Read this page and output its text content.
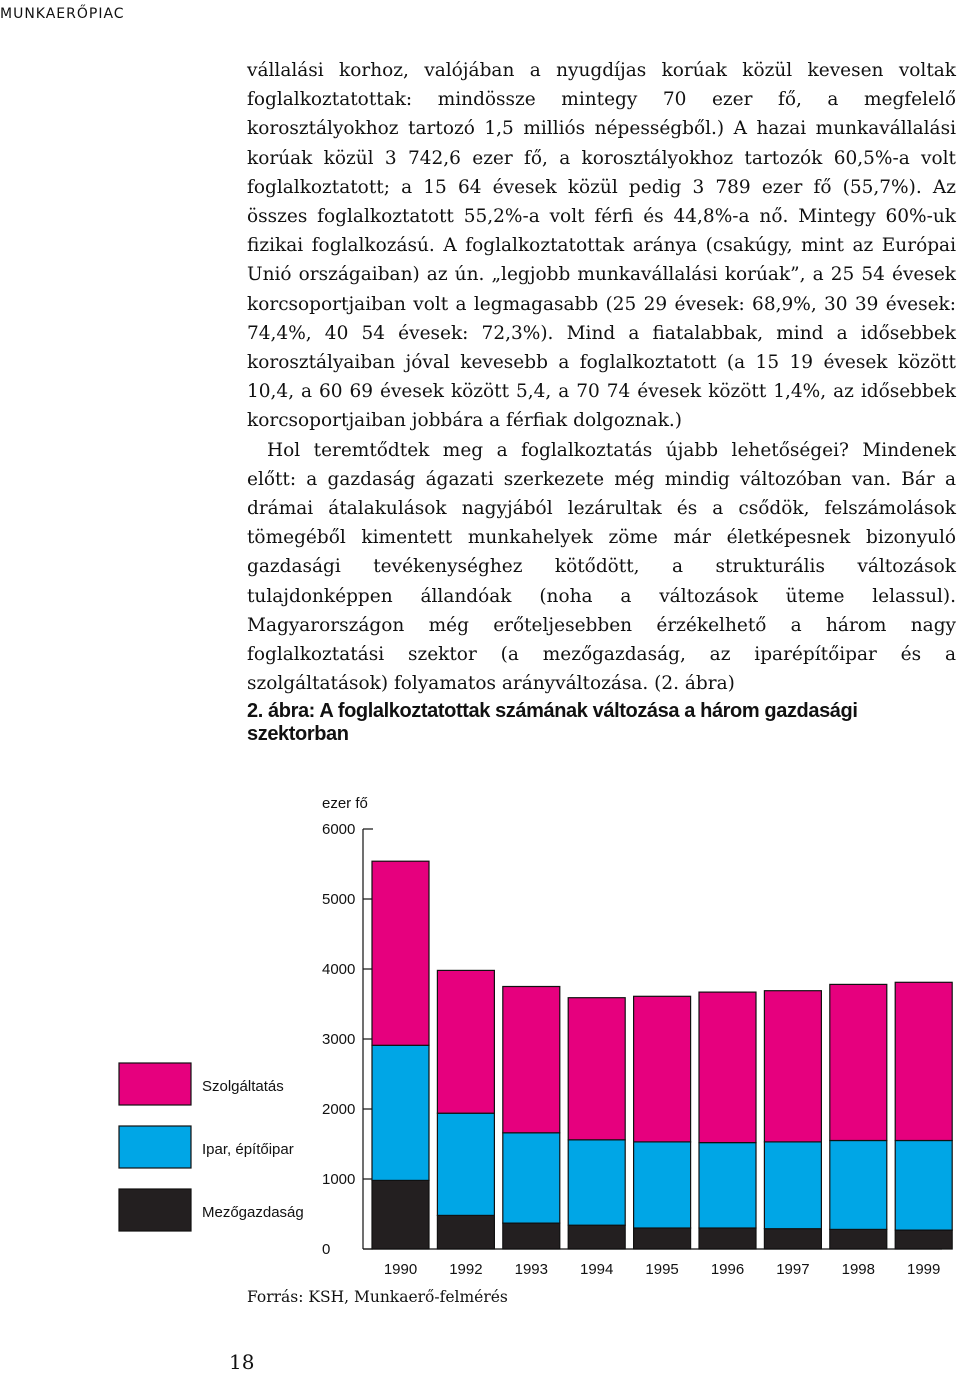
MUNKAERŐPIAC

vállalási korhoz, valójában a nyugdíjas korúak közül kevesen voltak foglalkoztatottak: mindössze mintegy 70 ezer fő, a megfelelő korosztályokhoz tartozó 1,5 milliós népességből.) A hazai munkavállalási korúak közül 3 742,6 ezer fő, a korosztályokhoz tartozók 60,5%-a volt foglalkoztatott; a 15 64 évesek közül pedig 3 789 ezer fő (55,7%). Az összes foglalkoztatott 55,2%-a volt férfi és 44,8%-a nő. Mintegy 60%-uk fizikai foglalkozású. A foglalkoztatottak aránya (csakúgy, mint az Európai Unió országaiban) az ún. „legjobb munkavállalási korúak”, a 25 54 évesek korcsoportjaiban volt a legmagasabb (25 29 évesek: 68,9%, 30 39 évesek: 74,4%, 40 54 évesek: 72,3%). Mind a fiatalabbak, mind a idősebbek korosztályaiban jóval kevesebb a foglalkoztatott (a 15 19 évesek között 10,4, a 60 69 évesek között 5,4, a 70 74 évesek között 1,4%, az idősebbek korcsoportjaiban jobbára a férfiak dolgoznak.)

Hol teremtődtek meg a foglalkoztatás újabb lehetőségei? Mindenek előtt: a gazdaság ágazati szerkezete még mindig változóban van. Bár a drámai átalakulások nagyjából lezárultak és a csődök, felszámolások tömegéből kimentett munkahelyek zöme már életképesnek bizonyuló gazdasági tevékenységhez kötődött, a strukturális változások tulajdonképpen állandóak (noha a változások üteme lelassul). Magyarországon még erőteljesebben érzékelhető a három nagy foglalkoztatási szektor (a mezőgazdaság, az iparépítőipar és a szolgáltatások) folyamatos arányváltozása. (2. ábra)

2. ábra: A foglalkoztatottak számának változása a három gazdasági szektorban
ezer fő
0
1000
2000
3000
4000
5000
6000
1990 1992 1993 1994 1995 1996 1997 1998 1999
Szolgáltatás
Ipar, építőipar
Mezőgazdaság
Forrás: KSH, Munkaerő-felmérés
18
